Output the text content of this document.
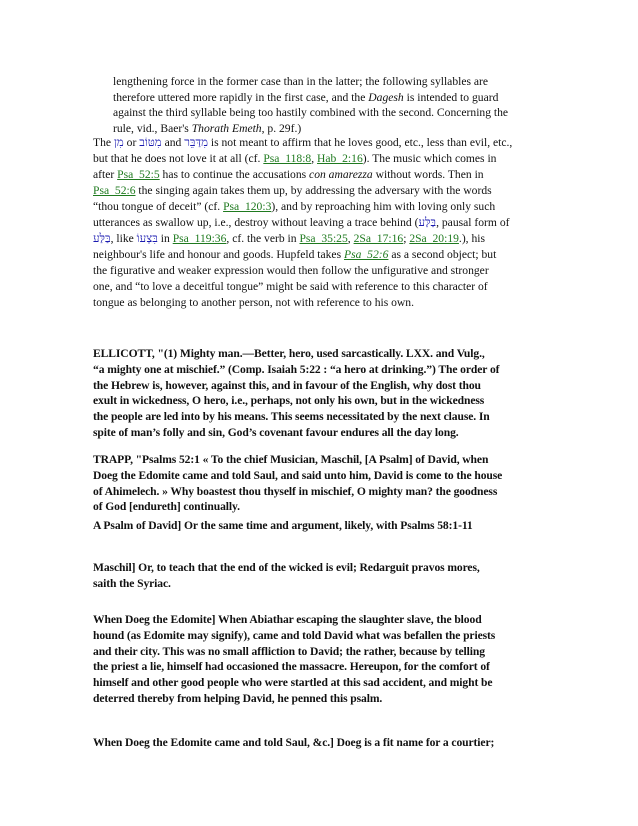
lengthening force in the former case than in the latter; the following syllables are
therefore uttered more rapidly in the first case, and the Dagesh is intended to guard
against the third syllable being too hastily combined with the second. Concerning the
rule, vid., Baer's Thorath Emeth, p. 29f.)
The מִן or מִטּוֹב and מִדַּבֵּר is not meant to affirm that he loves good, etc., less than evil, etc.,
but that he does not love it at all (cf. Psa_118:8, Hab_2:16). The music which comes in
after Psa_52:5 has to continue the accusations con amarezza without words. Then in
Psa_52:6 the singing again takes them up, by addressing the adversary with the words
“thou tongue of deceit” (cf. Psa_120:3), and by reproaching him with loving only such
utterances as swallow up, i.e., destroy without leaving a trace behind (בַּלַּע, pausal form of
בַּלַּע, like בִּצְעוֹ in Psa_119:36, cf. the verb in Psa_35:25, 2Sa_17:16; 2Sa_20:19.), his
neighbour's life and honour and goods. Hupfeld takes Psa_52:6 as a second object; but
the figurative and weaker expression would then follow the unfigurative and stronger
one, and “to love a deceitful tongue” might be said with reference to this character of
tongue as belonging to another person, not with reference to his own.
ELLICOTT, "(1) Mighty man.—Better, hero, used sarcastically. LXX. and Vulg.,
“a mighty one at mischief.” (Comp. Isaiah 5:22 : “a hero at drinking.”) The order of
the Hebrew is, however, against this, and in favour of the English, why dost thou
exult in wickedness, O hero, i.e., perhaps, not only his own, but in the wickedness
the people are led into by his means. This seems necessitated by the next clause. In
spite of man’s folly and sin, God’s covenant favour endures all the day long.
TRAPP, "Psalms 52:1 « To the chief Musician, Maschil, [A Psalm] of David, when
Doeg the Edomite came and told Saul, and said unto him, David is come to the house
of Ahimelech. » Why boastest thou thyself in mischief, O mighty man? the goodness
of God [endureth] continually.
A Psalm of David] Or the same time and argument, likely, with Psalms 58:1-11
Maschil] Or, to teach that the end of the wicked is evil; Redarguit pravos mores,
saith the Syriac.
When Doeg the Edomite] When Abiathar escaping the slaughter slave, the blood
hound (as Edomite may signify), came and told David what was befallen the priests
and their city. This was no small affliction to David; the rather, because by telling
the priest a lie, himself had occasioned the massacre. Hereupon, for the comfort of
himself and other good people who were startled at this sad accident, and might be
deterred thereby from helping David, he penned this psalm.
When Doeg the Edomite came and told Saul, &c.] Doeg is a fit name for a courtier;
